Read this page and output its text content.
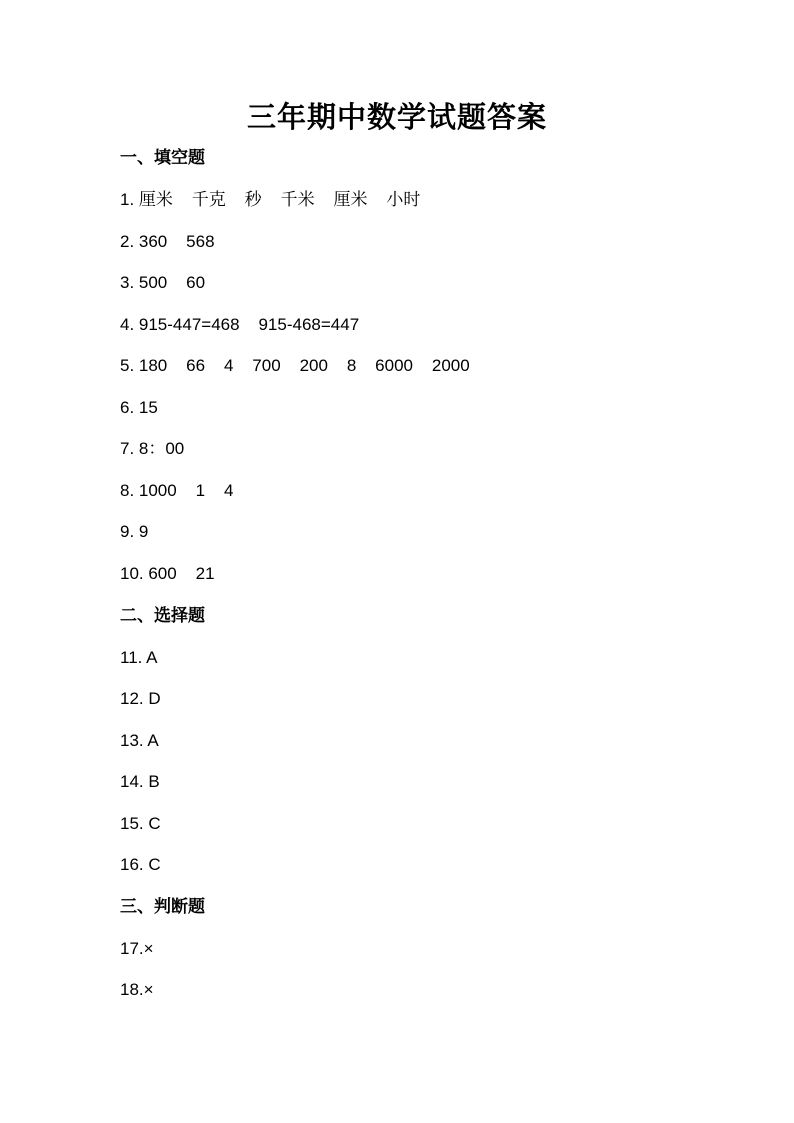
三年期中数学试题答案
一、填空题
1. 厘米    千克    秒    千米    厘米    小时
2. 360    568
3. 500    60
4. 915-447=468    915-468=447
5. 180    66    4    700    200    8    6000    2000
6. 15
7. 8：00
8. 1000    1    4
9. 9
10. 600    21
二、选择题
11. A
12. D
13. A
14. B
15. C
16. C
三、判断题
17.×
18.×
